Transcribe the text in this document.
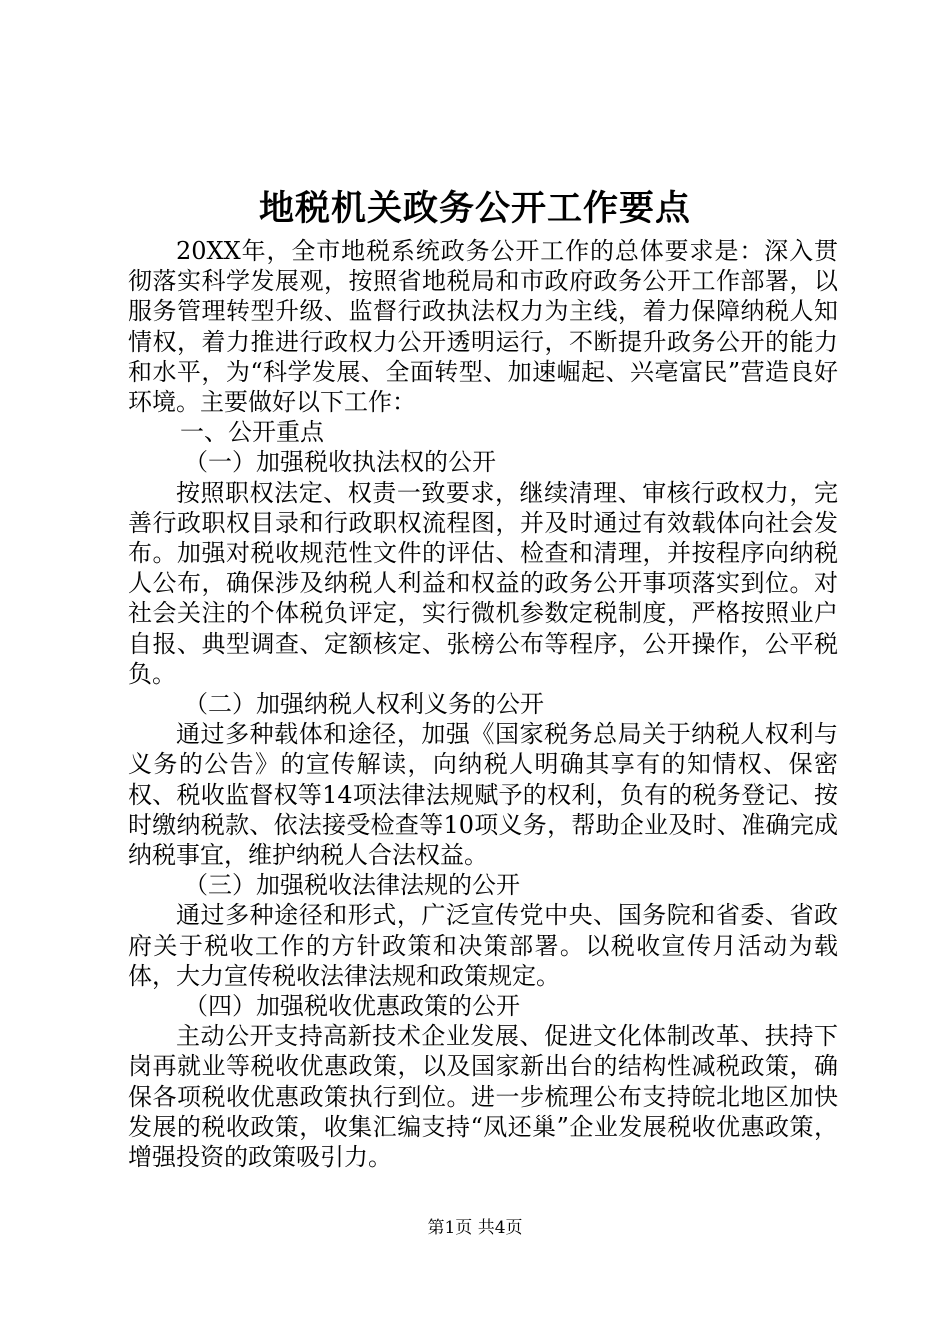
地税机关政务公开工作要点

20XX年，全市地税系统政务公开工作的总体要求是：深入贯彻落实科学发展观，按照省地税局和市政府政务公开工作部署，以服务管理转型升级、监督行政执法权力为主线，着力保障纳税人知情权，着力推进行政权力公开透明运行，不断提升政务公开的能力和水平，为“科学发展、全面转型、加速崛起、兴亳富民”营造良好环境。主要做好以下工作：

一、公开重点

（一）加强税收执法权的公开

按照职权法定、权责一致要求，继续清理、审核行政权力，完善行政职权目录和行政职权流程图，并及时通过有效载体向社会发布。加强对税收规范性文件的评估、检查和清理，并按程序向纳税人公布，确保涉及纳税人利益和权益的政务公开事项落实到位。对社会关注的个体税负评定，实行微机参数定税制度，严格按照业户自报、典型调查、定额核定、张榜公布等程序，公开操作，公平税负。

（二）加强纳税人权利义务的公开

通过多种载体和途径，加强《国家税务总局关于纳税人权利与义务的公告》的宣传解读，向纳税人明确其享有的知情权、保密权、税收监督权等14项法律法规赋予的权利，负有的税务登记、按时缴纳税款、依法接受检查等10项义务，帮助企业及时、准确完成纳税事宜，维护纳税人合法权益。

（三）加强税收法律法规的公开

通过多种途径和形式，广泛宣传党中央、国务院和省委、省政府关于税收工作的方针政策和决策部署。以税收宣传月活动为载体，大力宣传税收法律法规和政策规定。

（四）加强税收优惠政策的公开

主动公开支持高新技术企业发展、促进文化体制改革、扶持下岗再就业等税收优惠政策，以及国家新出台的结构性减税政策，确保各项税收优惠政策执行到位。进一步梳理公布支持皖北地区加快发展的税收政策，收集汇编支持“凤还巢”企业发展税收优惠政策，增强投资的政策吸引力。

第1页 共4页
